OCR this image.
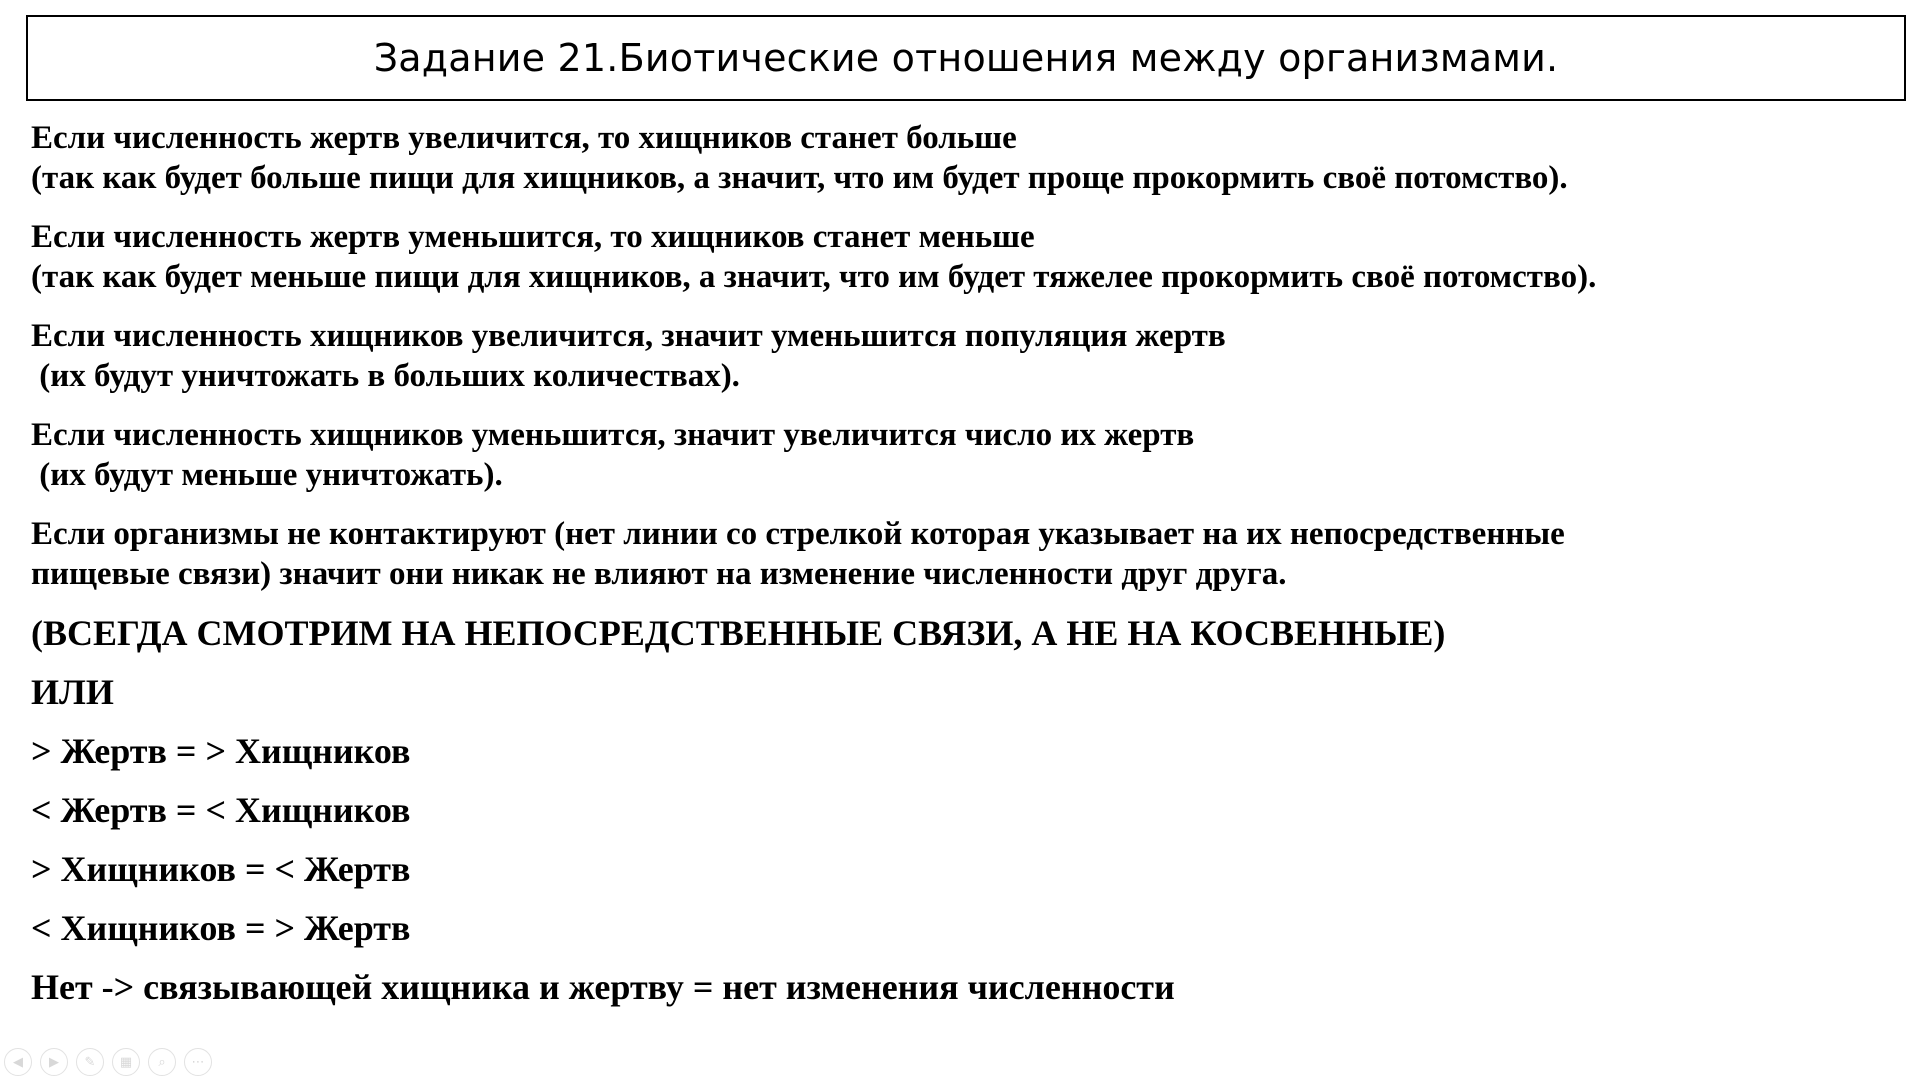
Задание 21.Биотические отношения между организмами.
Если численность жертв увеличится, то хищников станет больше
(так как будет больше пищи для хищников, а значит, что им будет проще прокормить своё потомство).
Если численность жертв уменьшится, то хищников станет меньше
(так как будет меньше пищи для хищников, а значит, что им будет тяжелее прокормить своё потомство).
Если численность хищников увеличится, значит уменьшится популяция жертв
(их будут уничтожать в больших количествах).
Если численность хищников уменьшится, значит увеличится число их жертв
(их будут меньше уничтожать).
Если организмы не контактируют (нет линии со стрелкой которая указывает на их непосредственные
пищевые связи) значит они никак не влияют на изменение численности друг друга.
(ВСЕГДА СМОТРИМ НА НЕПОСРЕДСТВЕННЫЕ СВЯЗИ, А НЕ НА КОСВЕННЫЕ)
ИЛИ
> Жертв = > Хищников
< Жертв = < Хищников
> Хищников = < Жертв
< Хищников = > Жертв
Нет -> связывающей хищника и жертву = нет изменения численности
◀	▶	✎	▦	⌕	⋯
